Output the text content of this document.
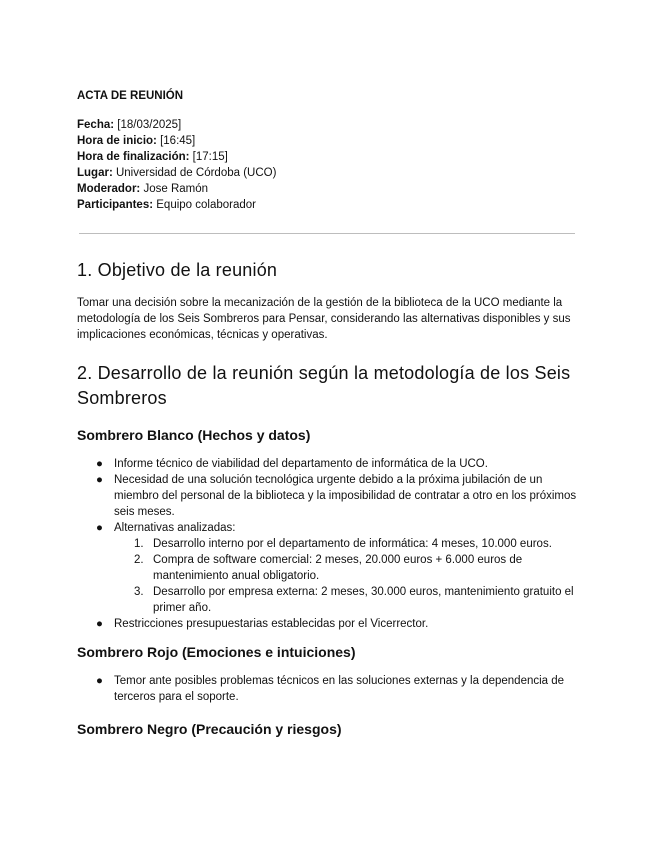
ACTA DE REUNIÓN

Fecha: [18/03/2025]
Hora de inicio: [16:45]
Hora de finalización: [17:15]
Lugar: Universidad de Córdoba (UCO)
Moderador: Jose Ramón
Participantes: Equipo colaborador
1. Objetivo de la reunión

Tomar una decisión sobre la mecanización de la gestión de la biblioteca de la UCO mediante la metodología de los Seis Sombreros para Pensar, considerando las alternativas disponibles y sus implicaciones económicas, técnicas y operativas.

2. Desarrollo de la reunión según la metodología de los Seis Sombreros
Sombrero Blanco (Hechos y datos)
● Informe técnico de viabilidad del departamento de informática de la UCO.
● Necesidad de una solución tecnológica urgente debido a la próxima jubilación de un miembro del personal de la biblioteca y la imposibilidad de contratar a otro en los próximos seis meses.
● Alternativas analizadas:
1. Desarrollo interno por el departamento de informática: 4 meses, 10.000 euros.
2. Compra de software comercial: 2 meses, 20.000 euros + 6.000 euros de mantenimiento anual obligatorio.
3. Desarrollo por empresa externa: 2 meses, 30.000 euros, mantenimiento gratuito el primer año.
● Restricciones presupuestarias establecidas por el Vicerrector.
Sombrero Rojo (Emociones e intuiciones)
● Temor ante posibles problemas técnicos en las soluciones externas y la dependencia de terceros para el soporte.
Sombrero Negro (Precaución y riesgos)
